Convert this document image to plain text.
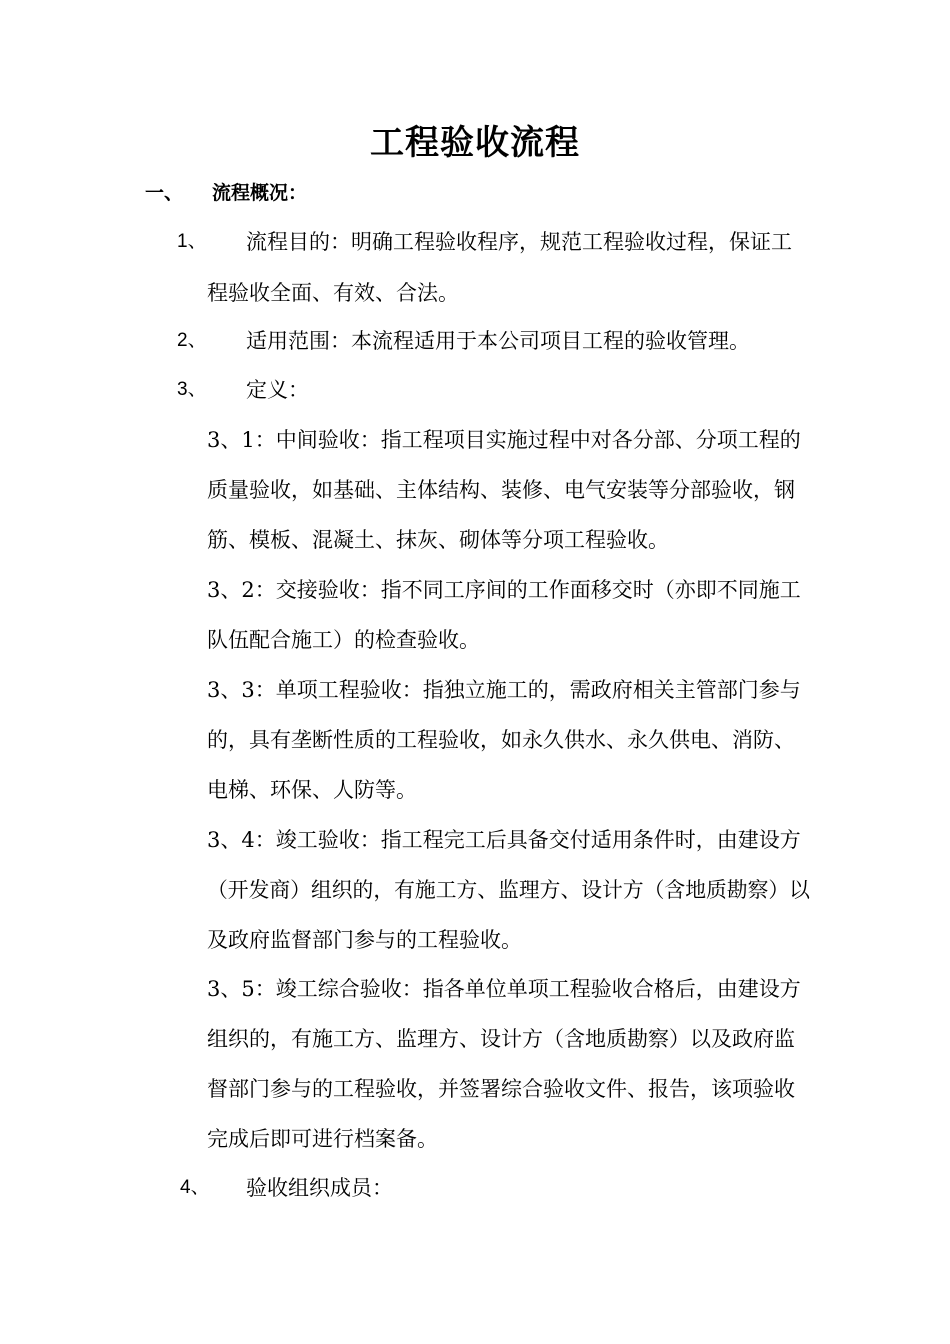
工程验收流程
一、 流程概况：
1、 流程目的：明确工程验收程序，规范工程验收过程，保证工
程验收全面、有效、合法。
2、 适用范围：本流程适用于本公司项目工程的验收管理。
3、 定义：
3、1：中间验收：指工程项目实施过程中对各分部、分项工程的
质量验收，如基础、主体结构、装修、电气安装等分部验收，钢
筋、模板、混凝土、抹灰、砌体等分项工程验收。
3、2：交接验收：指不同工序间的工作面移交时（亦即不同施工
队伍配合施工）的检查验收。
3、3：单项工程验收：指独立施工的，需政府相关主管部门参与
的，具有垄断性质的工程验收，如永久供水、永久供电、消防、
电梯、环保、人防等。
3、4：竣工验收：指工程完工后具备交付适用条件时，由建设方
（开发商）组织的，有施工方、监理方、设计方（含地质勘察）以
及政府监督部门参与的工程验收。
3、5：竣工综合验收：指各单位单项工程验收合格后，由建设方
组织的，有施工方、监理方、设计方（含地质勘察）以及政府监
督部门参与的工程验收，并签署综合验收文件、报告，该项验收
完成后即可进行档案备。
4、 验收组织成员：
